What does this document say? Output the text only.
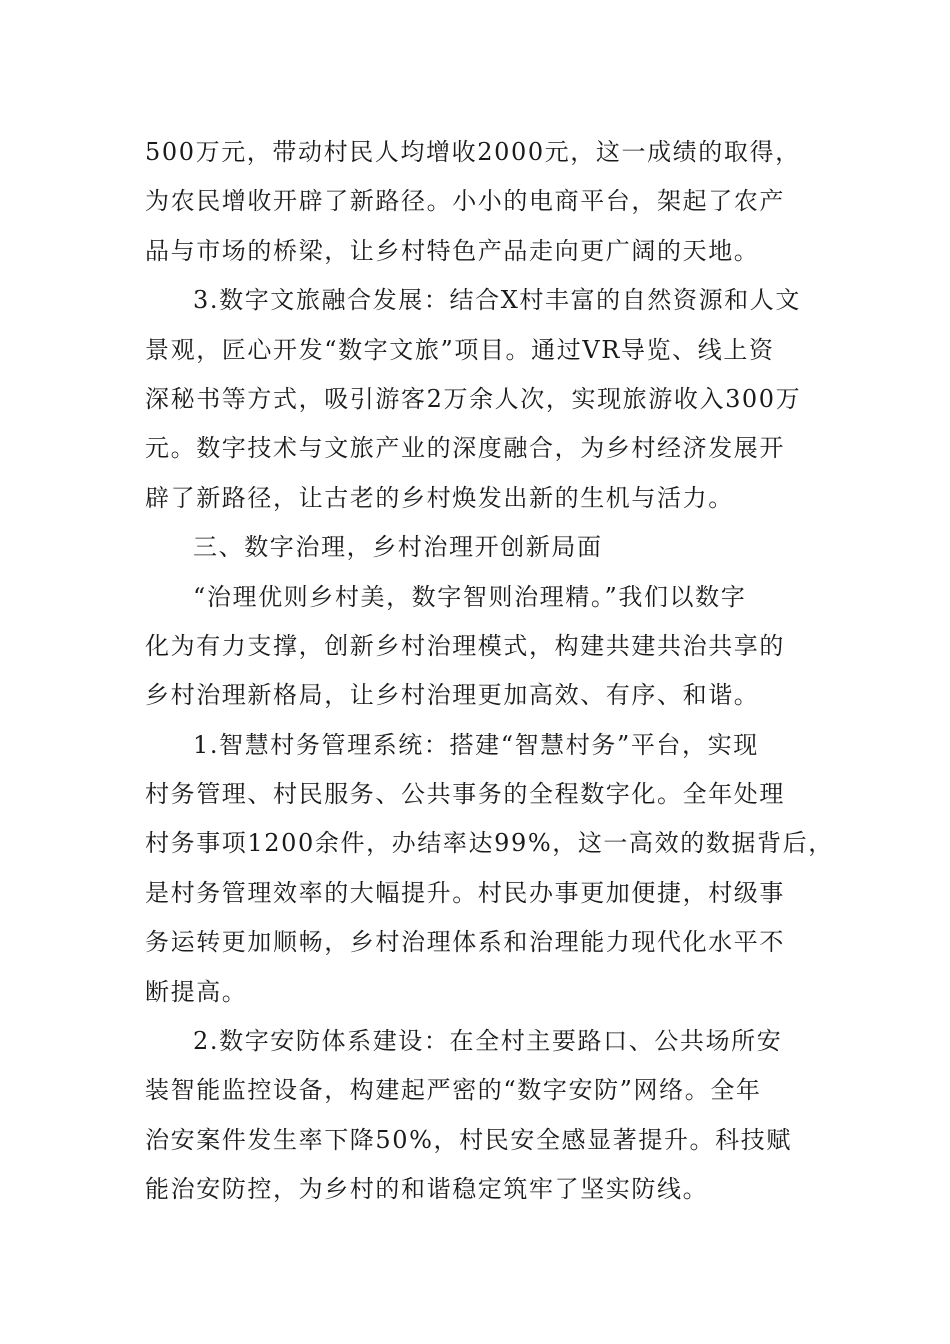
500万元，带动村民人均增收2000元，这一成绩的取得，
为农民增收开辟了新路径。小小的电商平台，架起了农产
品与市场的桥梁，让乡村特色产品走向更广阔的天地。
3.数字文旅融合发展：结合X村丰富的自然资源和人文
景观，匠心开发“数字文旅”项目。通过VR导览、线上资
深秘书等方式，吸引游客2万余人次，实现旅游收入300万
元。数字技术与文旅产业的深度融合，为乡村经济发展开
辟了新路径，让古老的乡村焕发出新的生机与活力。
三、数字治理，乡村治理开创新局面
“治理优则乡村美，数字智则治理精。”我们以数字
化为有力支撑，创新乡村治理模式，构建共建共治共享的
乡村治理新格局，让乡村治理更加高效、有序、和谐。
1.智慧村务管理系统：搭建“智慧村务”平台，实现
村务管理、村民服务、公共事务的全程数字化。全年处理
村务事项1200余件，办结率达99%，这一高效的数据背后，
是村务管理效率的大幅提升。村民办事更加便捷，村级事
务运转更加顺畅，乡村治理体系和治理能力现代化水平不
断提高。
2.数字安防体系建设：在全村主要路口、公共场所安
装智能监控设备，构建起严密的“数字安防”网络。全年
治安案件发生率下降50%，村民安全感显著提升。科技赋
能治安防控，为乡村的和谐稳定筑牢了坚实防线。
